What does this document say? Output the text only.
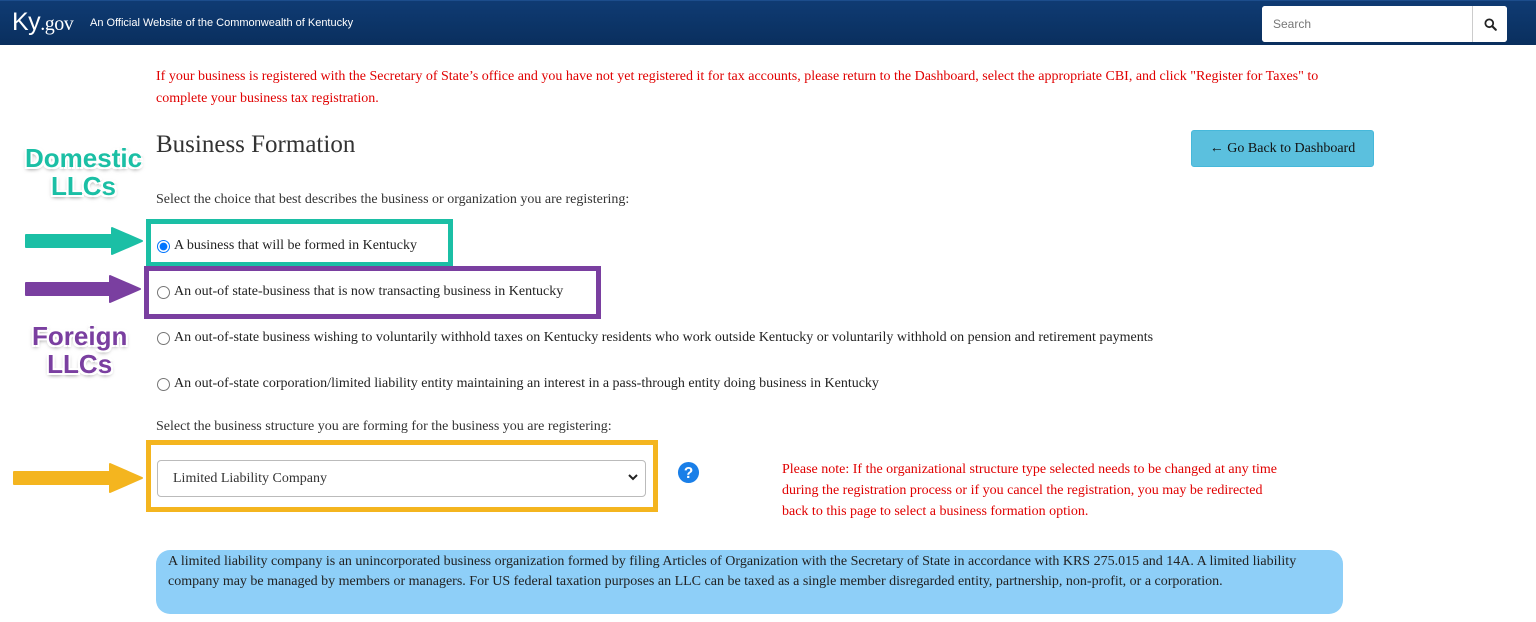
Ky.gov An Official Website of the Commonwealth of Kentucky
Search
If your business is registered with the Secretary of State’s office and you have not yet registered it for tax accounts, please return to the Dashboard, select the appropriate CBI, and click "Register for Taxes" to complete your business tax registration.
Business Formation	← Go Back to Dashboard
Select the choice that best describes the business or organization you are registering:
A business that will be formed in Kentucky
An out-of state-business that is now transacting business in Kentucky
An out-of-state business wishing to voluntarily withhold taxes on Kentucky residents who work outside Kentucky or voluntarily withhold on pension and retirement payments
An out-of-state corporation/limited liability entity maintaining an interest in a pass-through entity doing business in Kentucky
Select the business structure you are forming for the business you are registering:
Limited Liability Company
?	Please note: If the organizational structure type selected needs to be changed at any time during the registration process or if you cancel the registration, you may be redirected back to this page to select a business formation option.
A limited liability company is an unincorporated business organization formed by filing Articles of Organization with the Secretary of State in accordance with KRS 275.015 and 14A. A limited liability company may be managed by members or managers. For US federal taxation purposes an LLC can be taxed as a single member disregarded entity, partnership, non-profit, or a corporation.
Domestic
LLCs
Foreign
LLCs
